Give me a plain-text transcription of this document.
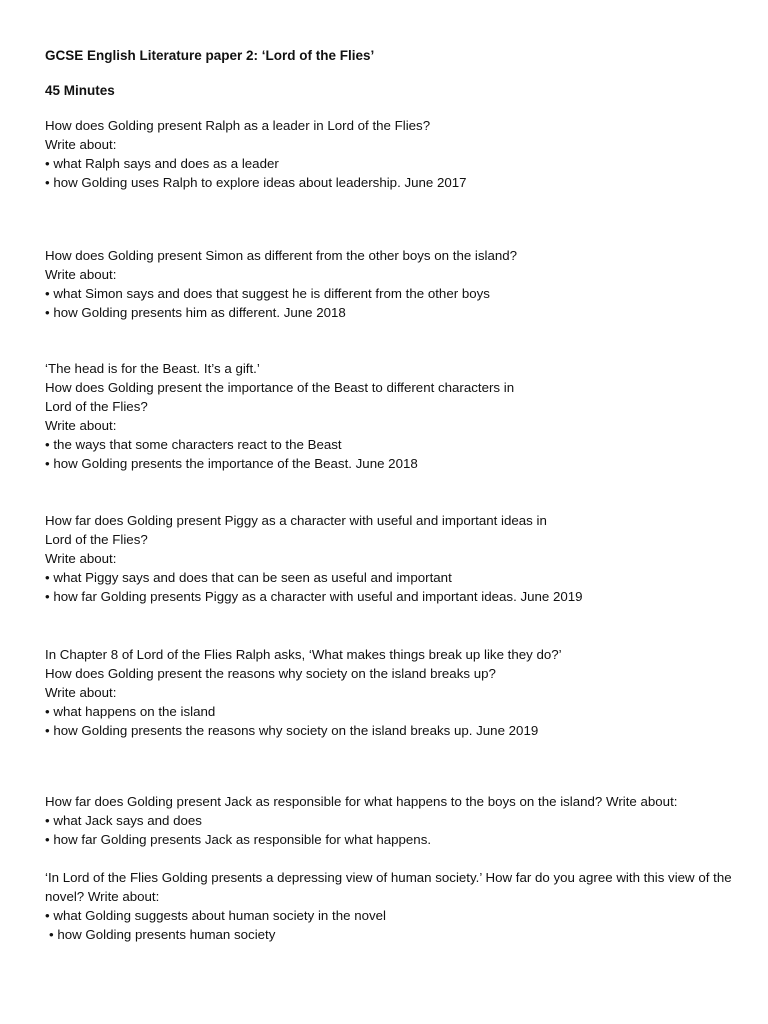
GCSE English Literature paper 2: ‘Lord of the Flies’
45 Minutes
How does Golding present Ralph as a leader in Lord of the Flies?
Write about:
• what Ralph says and does as a leader
• how Golding uses Ralph to explore ideas about leadership. June 2017
How does Golding present Simon as different from the other boys on the island?
Write about:
• what Simon says and does that suggest he is different from the other boys
• how Golding presents him as different. June 2018
‘The head is for the Beast. It’s a gift.’
How does Golding present the importance of the Beast to different characters in
Lord of the Flies?
Write about:
• the ways that some characters react to the Beast
• how Golding presents the importance of the Beast. June 2018
How far does Golding present Piggy as a character with useful and important ideas in
Lord of the Flies?
Write about:
• what Piggy says and does that can be seen as useful and important
• how far Golding presents Piggy as a character with useful and important ideas. June 2019
In Chapter 8 of Lord of the Flies Ralph asks, ‘What makes things break up like they do?’
How does Golding present the reasons why society on the island breaks up?
Write about:
• what happens on the island
• how Golding presents the reasons why society on the island breaks up. June 2019
How far does Golding present Jack as responsible for what happens to the boys on the island? Write about:
• what Jack says and does
• how far Golding presents Jack as responsible for what happens.
‘In Lord of the Flies Golding presents a depressing view of human society.’ How far do you agree with this view of the novel? Write about:
• what Golding suggests about human society in the novel
• how Golding presents human society
